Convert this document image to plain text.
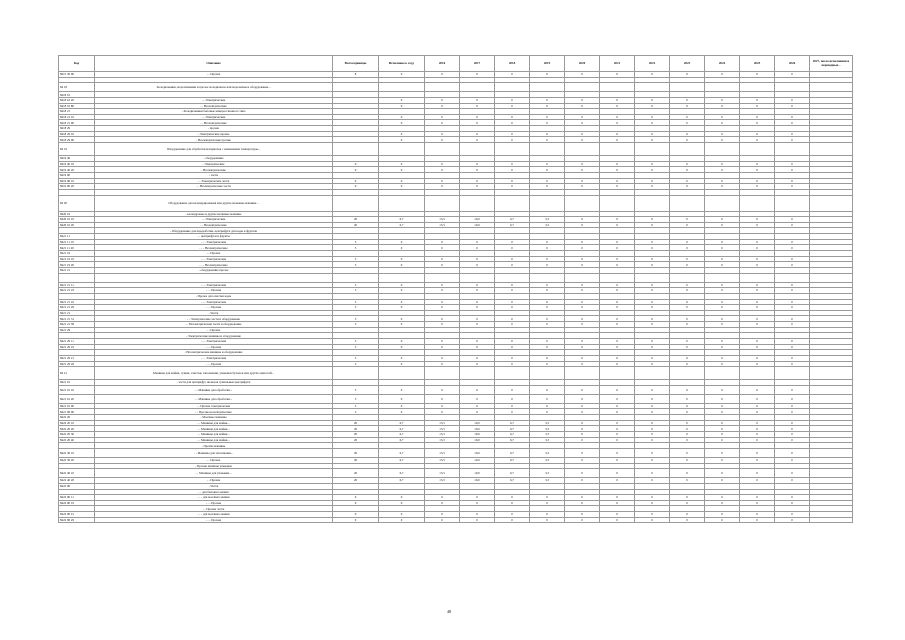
Код	Описание	Всего/единицы	Исполнено к году	2016	2017	2018	2019	2020	2021	2022	2023	2024	2025	2026	2027, после исполнения и переходные...
8415 30 90	- - Прочие	8	0	0	0	0	0	0	0	0	0	0	0	0	

84 18	Холодильники, морозильники и прочее холодильное или морозильное оборудование...														
8418 10															
8418 10 20	- - Электрические		0	0	0	0	0	0	0	0	0	0	0	0	
8418 10 80	- - Неэлектрические		0	0	0	0	0	0	0	0	0	0	0	0	
8418 21	- Холодильники бытовые компрессионного типа														
8418 21 10	- - Электрические		0	0	0	0	0	0	0	0	0	0	0	0	
8418 21 90	- - Неэлектрические		0	0	0	0	0	0	0	0	0	0	0	0	
8418 29	- прочие														
8418 29 10	- Электрические прочие		0	0	0	0	0	0	0	0	0	0	0	0	
8418 29 90	- Неэлектрические прочие		0	0	0	0	0	0	0	0	0	0	0	0	
84 19	Оборудование для обработки материалов с изменением температуры...														
8419 40	- оборудование														
8419 40 10	- Электрические	0	0	0	0	0	0	0	0	0	0	0	0	0	
8419 40 20	- Неэлектрические	0	0	0	0	0	0	0	0	0	0	0	0	0	
8419 90	- части														
8419 90 10	- - Электрические части	0	0	0	0	0	0	0	0	0	0	0	0	0	
8419 90 20	- - Неэлектрические части	0	0	0	0	0	0	0	0	0	0	0	0	0	

84 20	Оборудование для каландрирования или другие валковые машины...														
8420 10	- каландровые и другие валковые машины														
8420 10 10	- - Электрические	20	6,7	13,3	10,0	6,7	3,3	0	0	0	0	0	0	0	
8420 10 20	- - Неэлектрические	20	6,7	13,3	10,0	6,7	3,3	0	0	0	0	0	0	0	
	- Оборудование для переработки, центрифуги для воды и фруктов														
8421 11	- - центрифуги и фрукты														
8421 11 10	- - - Электрические	5	0	0	0	0	0	0	0	0	0	0	0	0	
8421 11 20	- - - Неэлектрические	5	0	0	0	0	0	0	0	0	0	0	0	0	
8421 19	- - Прочие														
8421 19 10	- - - Электрические	5	0	0	0	0	0	0	0	0	0	0	0	0	
8421 19 20	- - - Неэлектрические	5	0	0	0	0	0	0	0	0	0	0	0	0	
8421 21	- оборудование прочее														

8421 21 11	- - - Электрические	5	0	0	0	0	0	0	0	0	0	0	0	0	
8421 21 19	- - - Прочие	5	0	0	0	0	0	0	0	0	0	0	0	0	
	- Прочее для очистки воды														
8421 21 22	- - - Электрические	5	0	0	0	0	0	0	0	0	0	0	0	0	
8421 21 29	- - - Прочие	5	0	0	0	0	0	0	0	0	0	0	0	0	
8421 21	- Части														
8421 21 31	- - Электрические части и оборудование	5	0	0	0	0	0	0	0	0	0	0	0	0	
8421 21 39	- - Неэлектрические части и оборудование	5	0	0	0	0	0	0	0	0	0	0	0	0	
8421 29	- - Прочие														
	- Электрические машины и оборудование														
8421 29 11	- - - Электрические	5	0	0	0	0	0	0	0	0	0	0	0	0	
8421 29 19	- - - Прочие	5	0	0	0	0	0	0	0	0	0	0	0	0	
	- Неэлектрические машины и оборудование														
8421 29 21	- - - Электрические	5	0	0	0	0	0	0	0	0	0	0	0	0	
8421 29 29	- - - Прочие	5	0	0	0	0	0	0	0	0	0	0	0	0	
84 21	Машины для мойки, сушки, очистки, заполнения, упаковки бутылок или других емкостей...														
8421 91	- части для центрифуг, включая сушильные центрифуги														
8421 91 10	- - Машины для обработки...	5	0	0	0	0	0	0	0	0	0	0	0	0	
8421 91 20	- - Машины для обработки...	5	0	0	0	0	0	0	0	0	0	0	0	0	
8421 91 90	- - Прочие электрические	5	0	0	0	0	0	0	0	0	0	0	0	0	
8421 99 00	- - Прочие неэлектрические	5	0	0	0	0	0	0	0	0	0	0	0	0	
8422 20	- Моечные машины														
8422 20 10	- - Машины для мойки...	20	6,7	13,3	10,0	6,7	3,3	0	0	0	0	0	0	0	
8422 20 20	- - Машины для мойки...	20	6,7	13,3	10,0	6,7	3,3	0	0	0	0	0	0	0	
8422 20 30	- - Машины для мойки...	20	6,7	13,3	10,0	6,7	3,3	0	0	0	0	0	0	0	
8422 20 40	- - Машины для мойки...	20	6,7	13,3	10,0	6,7	3,3	0	0	0	0	0	0	0	
	- Прочие машины														
8422 30 10	- - Машины для заполнения...	20	6,7	13,3	10,0	6,7	3,3	0	0	0	0	0	0	0	
8422 30 20	- - Прочие	20	6,7	13,3	10,0	6,7	3,3	0	0	0	0	0	0	0	
	- Прочие машины упаковки														
8422 40 10	- - Машины для упаковки...	20	6,7	13,3	10,0	6,7	3,3	0	0	0	0	0	0	0	
8422 40 20	- - Прочие	20	6,7	13,3	10,0	6,7	3,3	0	0	0	0	0	0	0	
8422 90	- Части														
	- - для бытовых машин														
8422 90 11	- - - для моечных машин	0	0	0	0	0	0	0	0	0	0	0	0	0	
8422 90 19	- - - Прочие	0	0	0	0	0	0	0	0	0	0	0	0	0	
	- - Прочие части														
8422 90 21	- - - для моечных машин	0	0	0	0	0	0	0	0	0	0	0	0	0	
8422 90 29	- - - Прочие	0	0	0	0	0	0	0	0	0	0	0	0	0	
48
